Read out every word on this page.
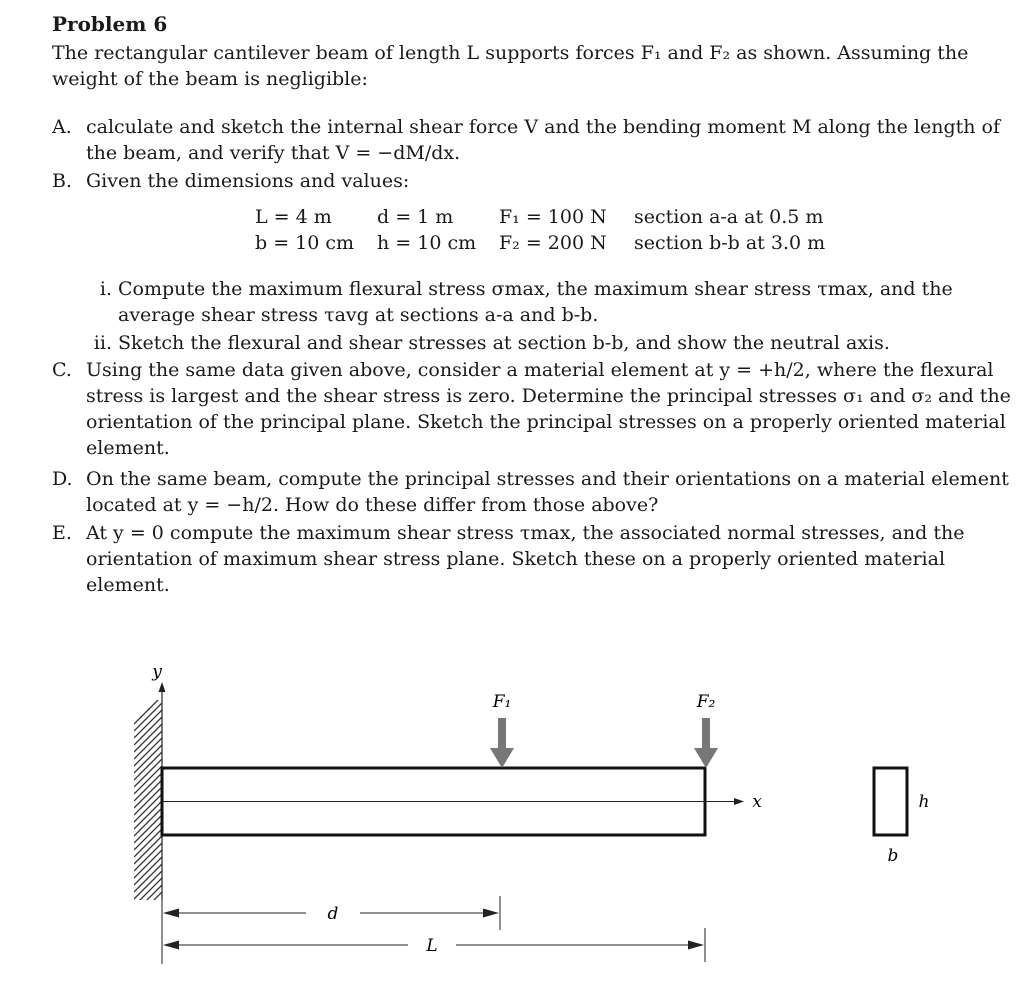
Problem 6
The rectangular cantilever beam of length L supports forces F₁ and F₂ as shown. Assuming the weight of the beam is negligible:
A. calculate and sketch the internal shear force V and the bending moment M along the length of
the beam, and verify that V = −dM/dx.
B. Given the dimensions and values:
L = 4 m	d = 1 m	F₁ = 100 N	section a-a at 0.5 m
b = 10 cm	h = 10 cm	F₂ = 200 N	section b-b at 3.0 m
i. Compute the maximum flexural stress σmax, the maximum shear stress τmax, and the
average shear stress τavg at sections a-a and b-b.
ii. Sketch the flexural and shear stresses at section b-b, and show the neutral axis.
C. Using the same data given above, consider a material element at y = +h/2, where the flexural
stress is largest and the shear stress is zero. Determine the principal stresses σ₁ and σ₂ and the
orientation of the principal plane. Sketch the principal stresses on a properly oriented material
element.
D. On the same beam, compute the principal stresses and their orientations on a material element
located at y = −h/2. How do these differ from those above?
E. At y = 0 compute the maximum shear stress τmax, the associated normal stresses, and the
orientation of maximum shear stress plane. Sketch these on a properly oriented material
element.
y
x
F₁	F₂
d
L
h
b
